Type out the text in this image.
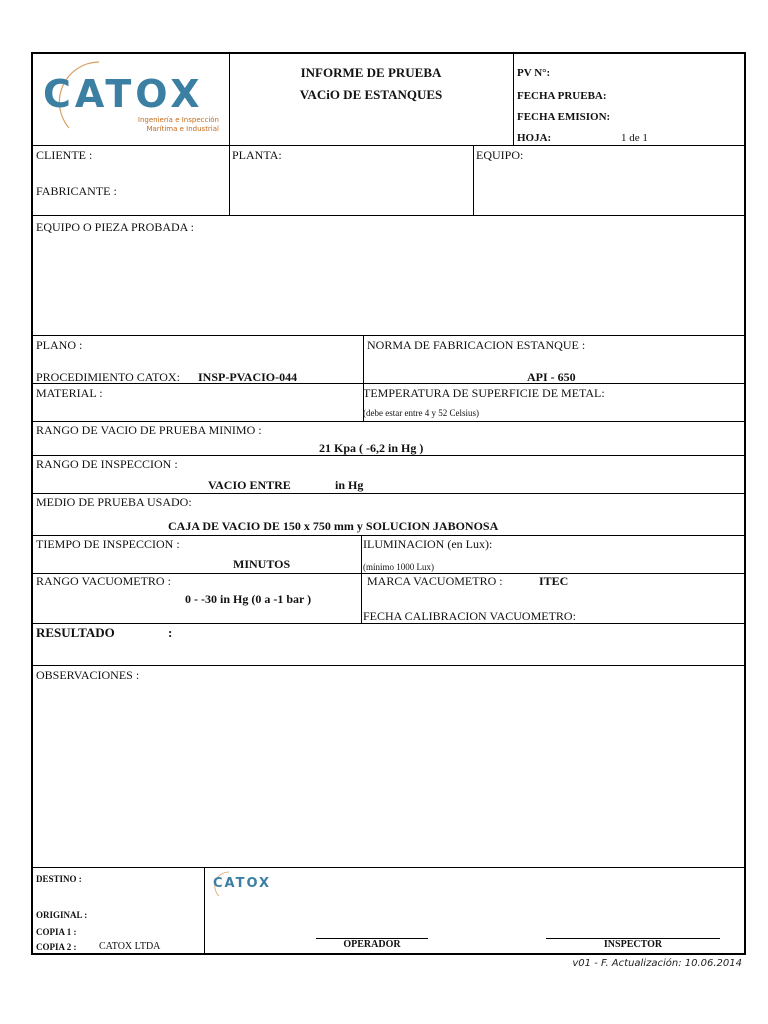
CATOX
Ingeniería e Inspección
Marítima e Industrial
INFORME DE PRUEBA
VACiO DE ESTANQUES
PV N°:
FECHA PRUEBA:
FECHA EMISION:
HOJA:	1 de 1
CLIENTE :	PLANTA:	EQUIPO:
FABRICANTE :
EQUIPO O PIEZA PROBADA :
PLANO :	NORMA DE FABRICACION ESTANQUE :
PROCEDIMIENTO CATOX: INSP-PVACIO-044	API - 650
MATERIAL :	TEMPERATURA DE SUPERFICIE DE METAL:
(debe estar entre 4 y 52 Celsius)
RANGO DE VACIO DE PRUEBA MINIMO :
21 Kpa ( -6,2 in Hg )
RANGO DE INSPECCION :
VACIO ENTRE	in Hg
MEDIO DE PRUEBA USADO:
CAJA DE VACIO DE 150 x 750 mm y SOLUCION JABONOSA
TIEMPO DE INSPECCION :
MINUTOS
ILUMINACION (en Lux):
(mínimo 1000 Lux)
RANGO VACUOMETRO :
0 - -30 in Hg (0 a -1 bar )
MARCA VACUOMETRO :	ITEC
FECHA CALIBRACION VACUOMETRO:
RESULTADO	:
OBSERVACIONES :
DESTINO :
ORIGINAL :
COPIA 1 :
COPIA 2 : CATOX LTDA
CATOX
OPERADOR	INSPECTOR
v01 - F. Actualización: 10.06.2014
